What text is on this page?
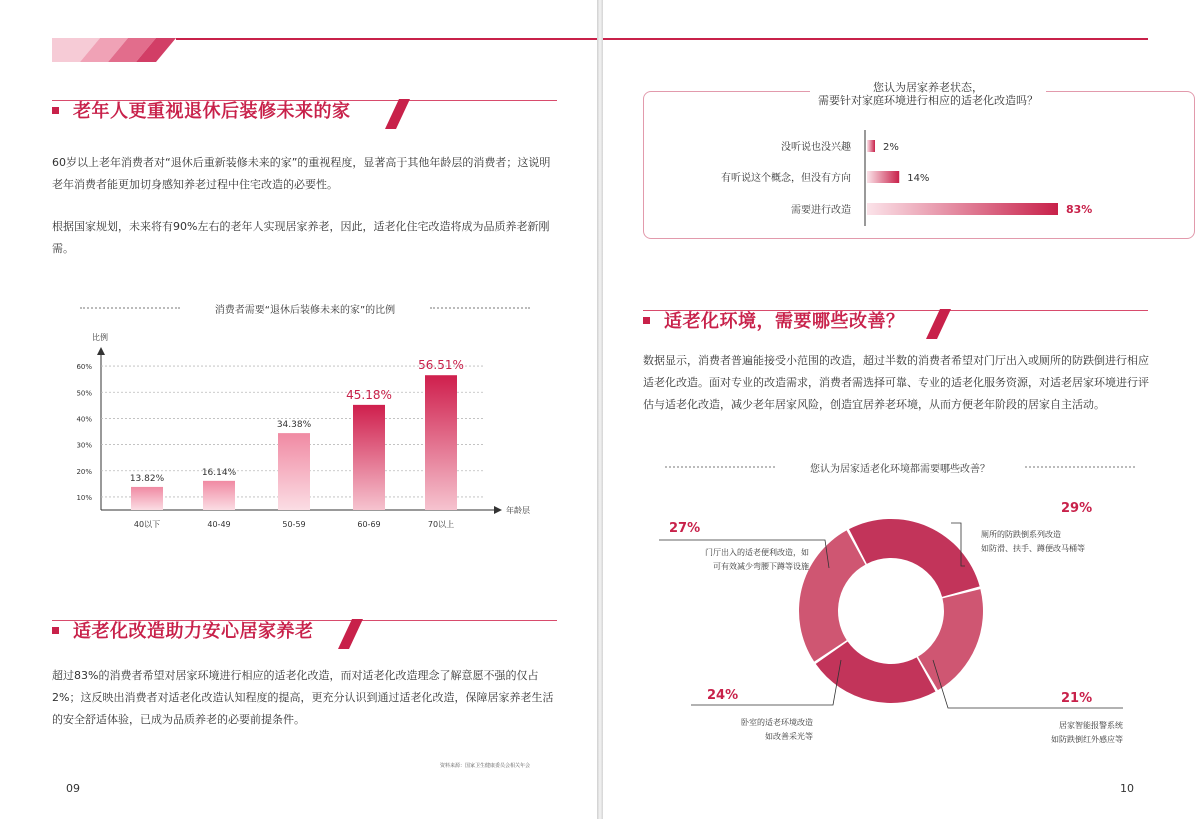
老年人更重视退休后装修未来的家

60岁以上老年消费者对“退休后重新装修未来的家”的重视程度，显著高于其他年龄层的消费者；这说明老年消费者能更加切身感知养老过程中住宅改造的必要性。

根据国家规划，未来将有90%左右的老年人实现居家养老，因此，适老化住宅改造将成为品质养老新刚需。

消费者需要“退休后装修未来的家”的比例
比例
年龄层
10%
20%
30%
40%
50%
60%
13.82%
16.14%
34.38%
45.18%
56.51%
40以下	40-49	50-59	60-69	70以上
适老化改造助力安心居家养老

超过83%的消费者希望对居家环境进行相应的适老化改造，而对适老化改造理念了解意愿不强的仅占2%；这反映出消费者对适老化改造认知程度的提高，更充分认识到通过适老化改造，保障居家养老生活的安全舒适体验，已成为品质养老的必要前提条件。

资料来源：国家卫生健康委员会相关年会
09
您认为居家养老状态，
需要针对家庭环境进行相应的适老化改造吗？
没听说也没兴趣
有听说这个概念，但没有方向
需要进行改造
2%
14%
83%
适老化环境，需要哪些改善？

数据显示，消费者普遍能接受小范围的改造，超过半数的消费者希望对门厅出入或厕所的防跌倒进行相应适老化改造。面对专业的改造需求，消费者需选择可靠、专业的适老化服务资源，对适老居家环境进行评估与适老化改造，减少老年居家风险，创造宜居养老环境，从而方便老年阶段的居家自主活动。

您认为居家适老化环境都需要哪些改善？
29%
厕所的防跌倒系列改造
如防滑、扶手、蹲便改马桶等
21%
居家智能报警系统
如防跌倒红外感应等
24%
卧室的适老环境改造
如改善采光等
27%
门厅出入的适老便利改造，如
可有效减少弯腰下蹲等设施
10
